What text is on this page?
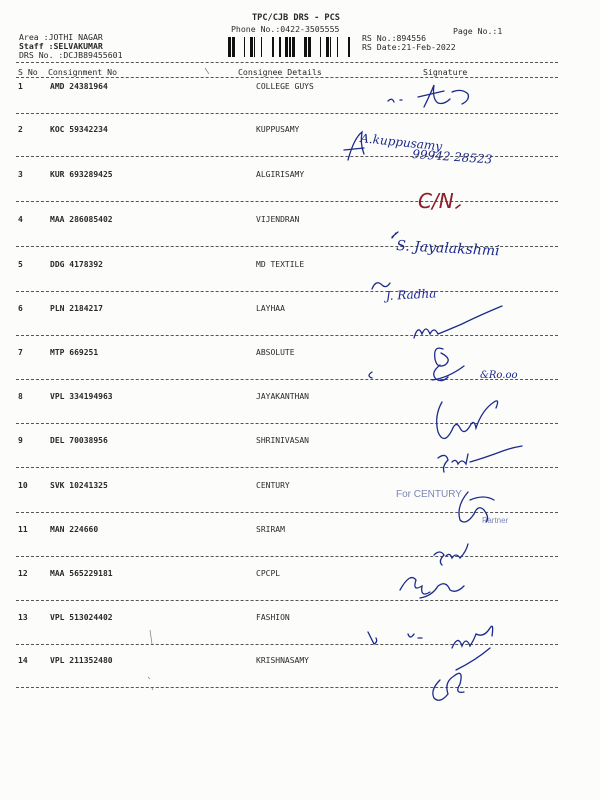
TPC/CJB DRS - PCS
Phone No.:0422-3505555	Page No.:1
Area :JOTHI NAGAR
Staff :SELVAKUMAR
DRS No. :DCJB89455601
RS No.:894556
RS Date:21-Feb-2022
S No Consignment No	Consignee Details	Signature
1	AMD 24381964	COLLEGE GUYS
2	KOC 59342234	KUPPUSAMY
3	KUR 693289425	ALGIRISAMY
4	MAA 286085402	VIJENDRAN
5	DDG 4178392	MD TEXTILE
6	PLN 2184217	LAYHAA
7	MTP 669251	ABSOLUTE
8	VPL 334194963	JAYAKANTHAN
9	DEL 70038956	SHRINIVASAN
10	SVK 10241325	CENTURY
11	MAN 224660	SRIRAM
12	MAA 565229181	CPCPL
13	VPL 513024402	FASHION
14	VPL 211352480	KRISHNASAMY
A.kuppusamy
99942 28523
S. Jayalakshmi
J. Radha
&Ro.oo
C/N
For CENTURY
Partner
